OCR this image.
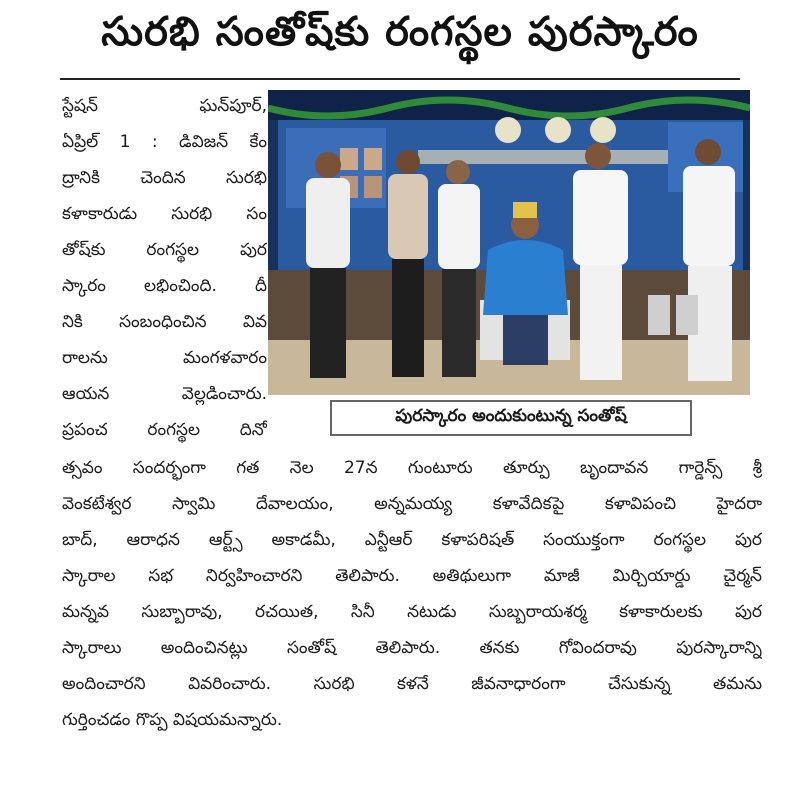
సురభి సంతోష్‌కు రంగస్థల పురస్కారం
స్టేషన్ ఘన్‌పూర్,
ఏప్రిల్ 1 : డివిజన్ కేం
ద్రానికి చెందిన సురభి
కళాకారుడు సురభి సం
తోష్‌కు రంగస్థల పుర
స్కారం లభించింది. దీ
నికి సంబంధించిన వివ
రాలను మంగళవారం
ఆయన వెల్లడించారు.
ప్రపంచ రంగస్థల దినో
పురస్కారం అందుకుంటున్న సంతోష్
త్సవం సందర్భంగా గత నెల 27న గుంటూరు తూర్పు బృందావన గార్డెన్స్ శ్రీ
వెంకటేశ్వర స్వామి దేవాలయం, అన్నమయ్య కళావేదికపై కళావిపంచి హైదరా
బాద్, ఆరాధన ఆర్ట్స్ అకాడమీ, ఎన్టీఆర్ కళాపరిషత్ సంయుక్తంగా రంగస్థల పుర
స్కారాల సభ నిర్వహించారని తెలిపారు. అతిథులుగా మాజీ మిర్చియార్డు చైర్మన్
మన్నవ సుబ్బారావు, రచయిత, సినీ నటుడు సుబ్బరాయశర్మ కళాకారులకు పుర
స్కారాలు అందించినట్లు సంతోష్ తెలిపారు. తనకు గోవిందరావు పురస్కారాన్ని
అందించారని వివరించారు. సురభి కళనే జీవనాధారంగా చేసుకున్న తమను
గుర్తించడం గొప్ప విషయమన్నారు.
